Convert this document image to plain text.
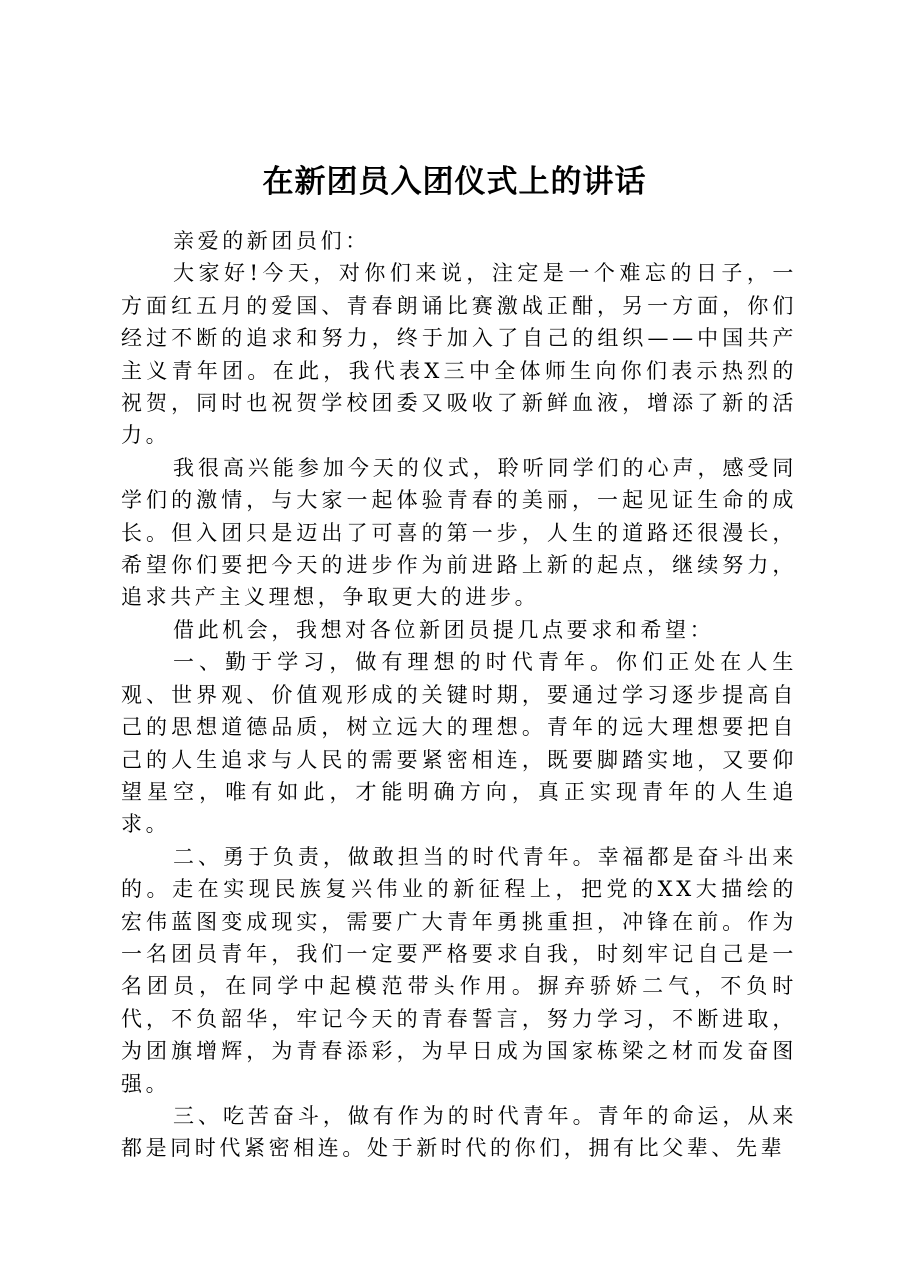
在新团员入团仪式上的讲话

亲爱的新团员们：

大家好!今天，对你们来说，注定是一个难忘的日子，一方面红五月的爱国、青春朗诵比赛激战正酣，另一方面，你们经过不断的追求和努力，终于加入了自己的组织——中国共产主义青年团。在此，我代表X三中全体师生向你们表示热烈的祝贺，同时也祝贺学校团委又吸收了新鲜血液，增添了新的活力。

我很高兴能参加今天的仪式，聆听同学们的心声，感受同学们的激情，与大家一起体验青春的美丽，一起见证生命的成长。但入团只是迈出了可喜的第一步，人生的道路还很漫长，希望你们要把今天的进步作为前进路上新的起点，继续努力，追求共产主义理想，争取更大的进步。

借此机会，我想对各位新团员提几点要求和希望：

一、勤于学习，做有理想的时代青年。你们正处在人生观、世界观、价值观形成的关键时期，要通过学习逐步提高自己的思想道德品质，树立远大的理想。青年的远大理想要把自己的人生追求与人民的需要紧密相连，既要脚踏实地，又要仰望星空，唯有如此，才能明确方向，真正实现青年的人生追求。

二、勇于负责，做敢担当的时代青年。幸福都是奋斗出来的。走在实现民族复兴伟业的新征程上，把党的XX大描绘的宏伟蓝图变成现实，需要广大青年勇挑重担，冲锋在前。作为一名团员青年，我们一定要严格要求自我，时刻牢记自己是一名团员，在同学中起模范带头作用。摒弃骄娇二气，不负时代，不负韶华，牢记今天的青春誓言，努力学习，不断进取，为团旗增辉，为青春添彩，为早日成为国家栋梁之材而发奋图强。

三、吃苦奋斗，做有作为的时代青年。青年的命运，从来都是同时代紧密相连。处于新时代的你们，拥有比父辈、先辈
